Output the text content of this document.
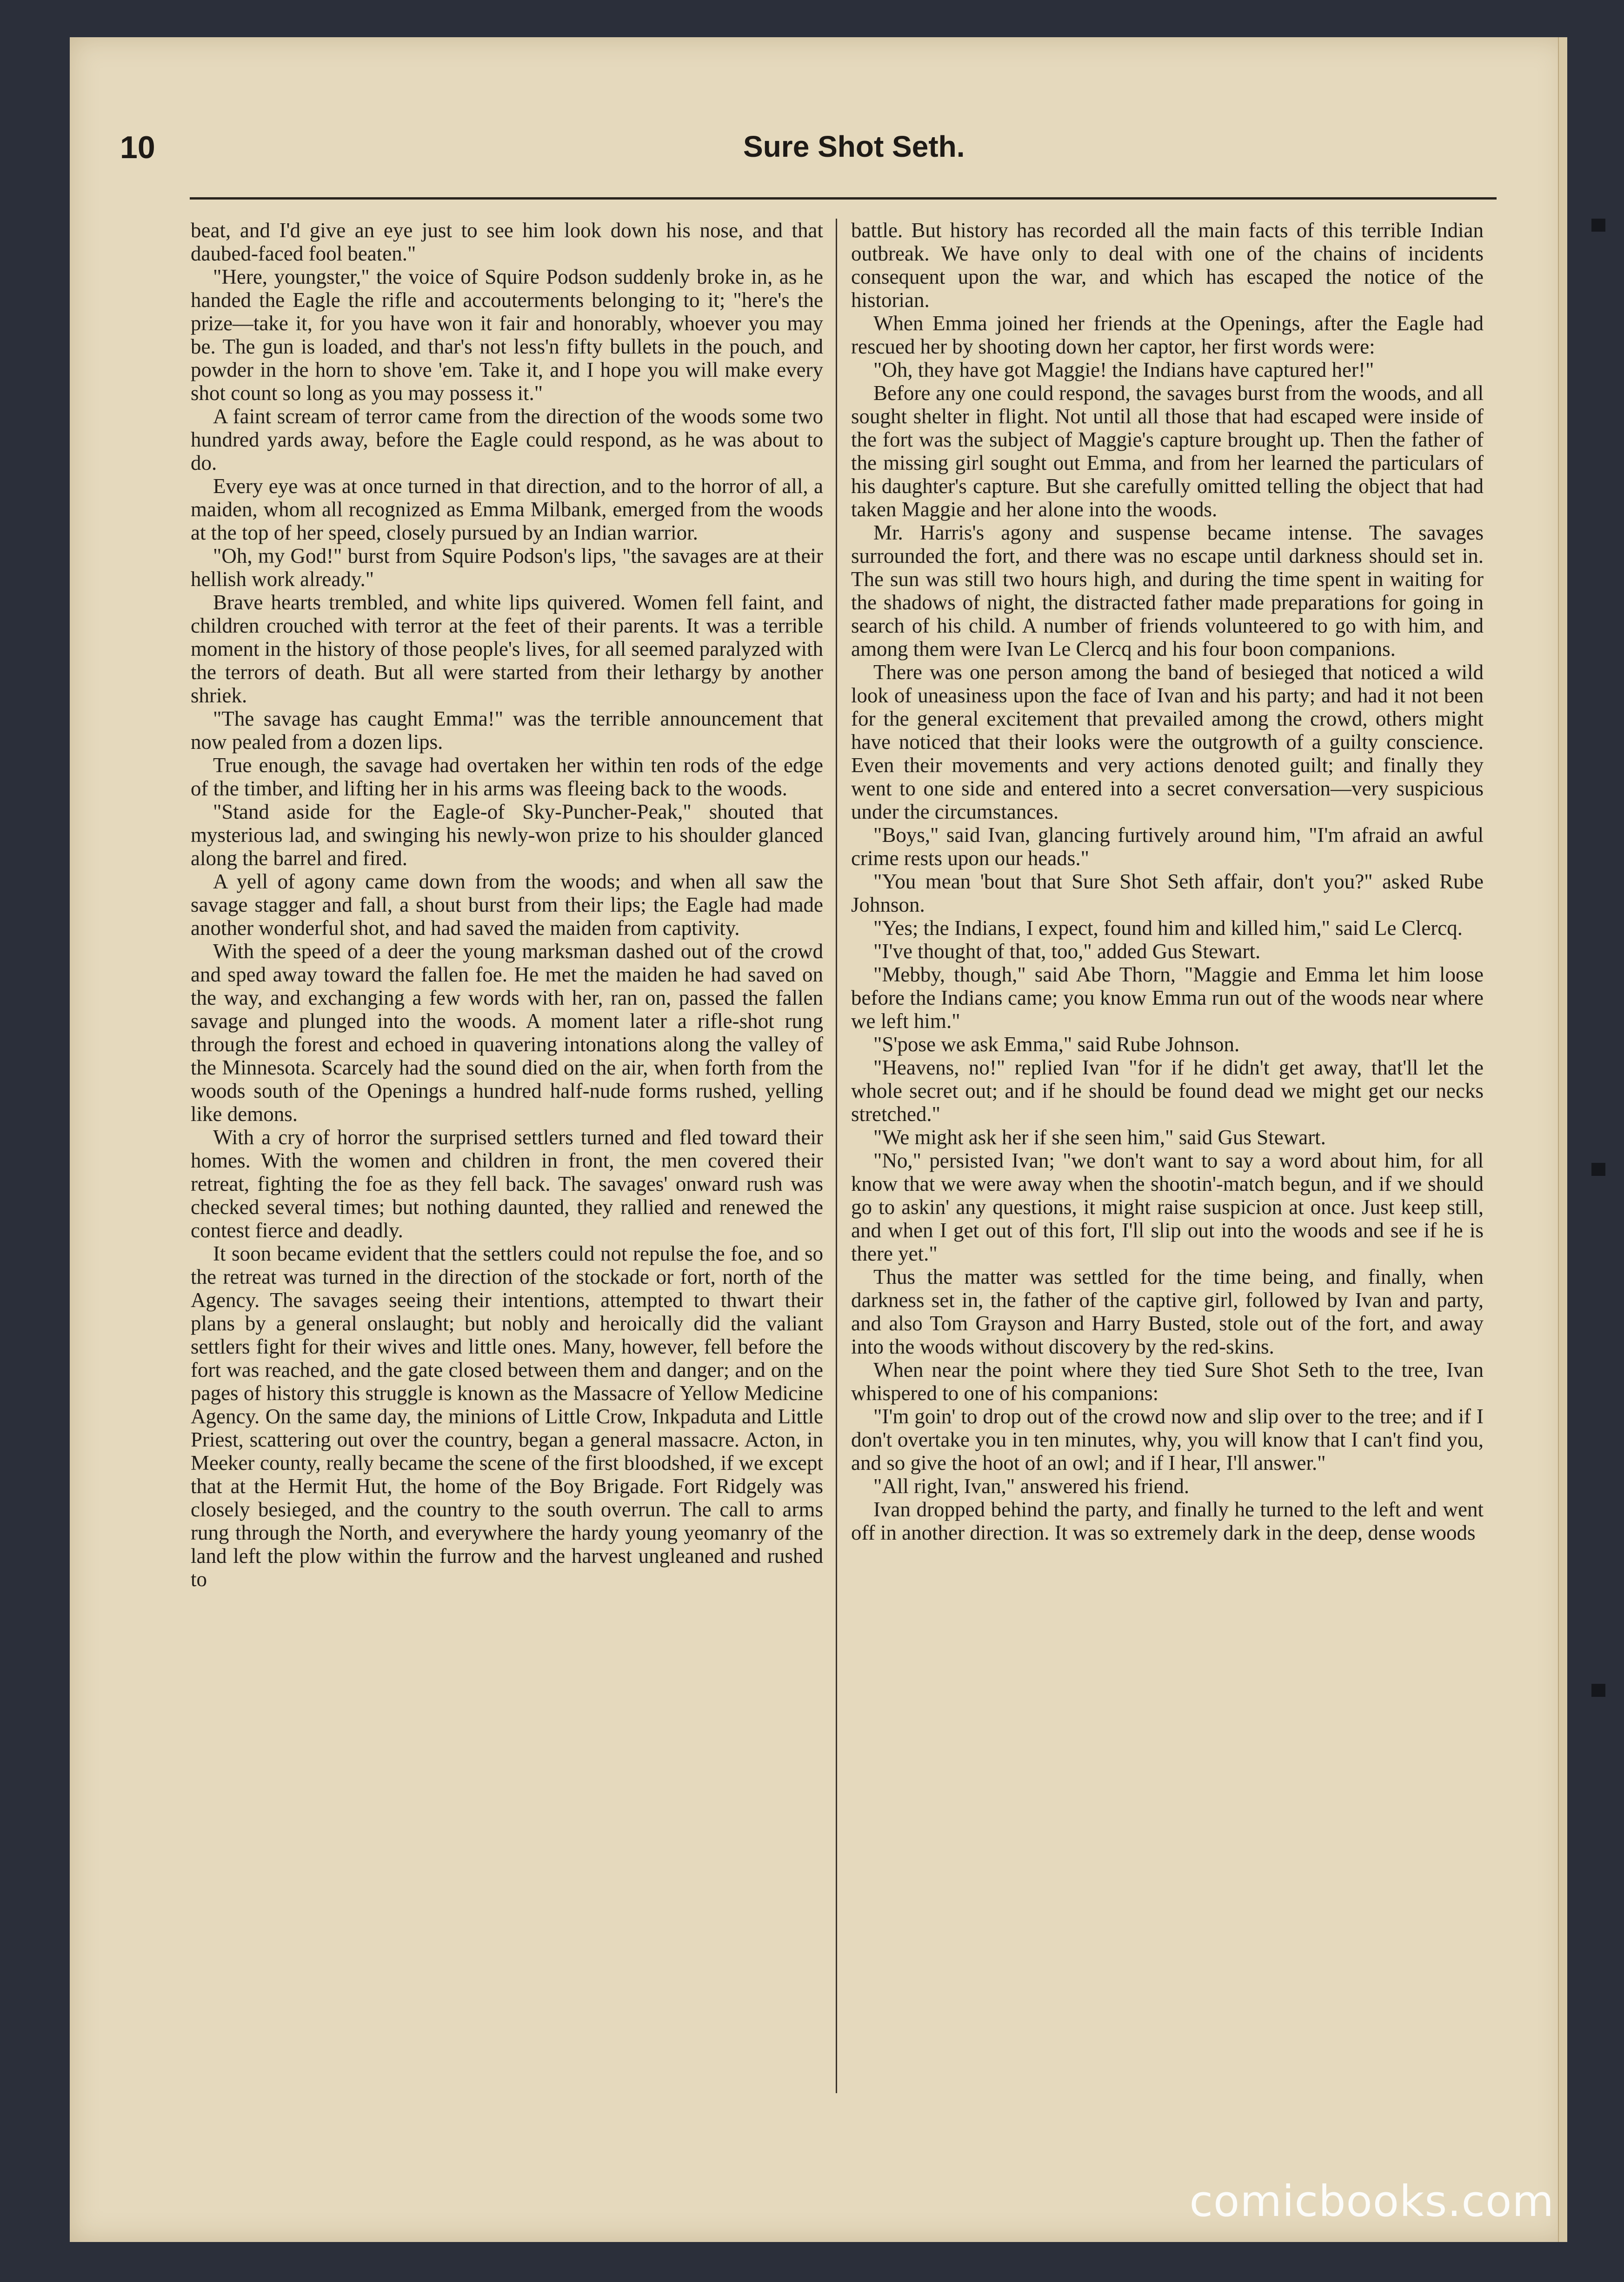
10	Sure Shot Seth.

beat, and I'd give an eye just to see him look down his nose, and that daubed-faced fool beaten."

"Here, youngster," the voice of Squire Podson suddenly broke in, as he handed the Eagle the rifle and accouterments belonging to it; "here's the prize—take it, for you have won it fair and honorably, whoever you may be. The gun is loaded, and thar's not less'n fifty bullets in the pouch, and powder in the horn to shove 'em. Take it, and I hope you will make every shot count so long as you may possess it."

A faint scream of terror came from the direction of the woods some two hundred yards away, before the Eagle could respond, as he was about to do.

Every eye was at once turned in that direction, and to the horror of all, a maiden, whom all recognized as Emma Milbank, emerged from the woods at the top of her speed, closely pursued by an Indian warrior.

"Oh, my God!" burst from Squire Podson's lips, "the savages are at their hellish work already."

Brave hearts trembled, and white lips quivered. Women fell faint, and children crouched with terror at the feet of their parents. It was a terrible moment in the history of those people's lives, for all seemed paralyzed with the terrors of death. But all were started from their lethargy by another shriek.

"The savage has caught Emma!" was the terrible announcement that now pealed from a dozen lips.

True enough, the savage had overtaken her within ten rods of the edge of the timber, and lifting her in his arms was fleeing back to the woods.

"Stand aside for the Eagle-of Sky-Puncher-Peak," shouted that mysterious lad, and swinging his newly-won prize to his shoulder glanced along the barrel and fired.

A yell of agony came down from the woods; and when all saw the savage stagger and fall, a shout burst from their lips; the Eagle had made another wonderful shot, and had saved the maiden from captivity.

With the speed of a deer the young marksman dashed out of the crowd and sped away toward the fallen foe. He met the maiden he had saved on the way, and exchanging a few words with her, ran on, passed the fallen savage and plunged into the woods. A moment later a rifle-shot rung through the forest and echoed in quavering intonations along the valley of the Minnesota. Scarcely had the sound died on the air, when forth from the woods south of the Openings a hundred half-nude forms rushed, yelling like demons.

With a cry of horror the surprised settlers turned and fled toward their homes. With the women and children in front, the men covered their retreat, fighting the foe as they fell back. The savages' onward rush was checked several times; but nothing daunted, they rallied and renewed the contest fierce and deadly.

It soon became evident that the settlers could not repulse the foe, and so the retreat was turned in the direction of the stockade or fort, north of the Agency. The savages seeing their intentions, attempted to thwart their plans by a general onslaught; but nobly and heroically did the valiant settlers fight for their wives and little ones. Many, however, fell before the fort was reached, and the gate closed between them and danger; and on the pages of history this struggle is known as the Massacre of Yellow Medicine Agency. On the same day, the minions of Little Crow, Inkpaduta and Little Priest, scattering out over the country, began a general massacre. Acton, in Meeker county, really became the scene of the first bloodshed, if we except that at the Hermit Hut, the home of the Boy Brigade. Fort Ridgely was closely besieged, and the country to the south overrun. The call to arms rung through the North, and everywhere the hardy young yeomanry of the land left the plow within the furrow and the harvest ungleaned and rushed to

battle. But history has recorded all the main facts of this terrible Indian outbreak. We have only to deal with one of the chains of incidents consequent upon the war, and which has escaped the notice of the historian.

When Emma joined her friends at the Openings, after the Eagle had rescued her by shooting down her captor, her first words were:

"Oh, they have got Maggie! the Indians have captured her!"

Before any one could respond, the savages burst from the woods, and all sought shelter in flight. Not until all those that had escaped were inside of the fort was the subject of Maggie's capture brought up. Then the father of the missing girl sought out Emma, and from her learned the particulars of his daughter's capture. But she carefully omitted telling the object that had taken Maggie and her alone into the woods.

Mr. Harris's agony and suspense became intense. The savages surrounded the fort, and there was no escape until darkness should set in. The sun was still two hours high, and during the time spent in waiting for the shadows of night, the distracted father made preparations for going in search of his child. A number of friends volunteered to go with him, and among them were Ivan Le Clercq and his four boon companions.

There was one person among the band of besieged that noticed a wild look of uneasiness upon the face of Ivan and his party; and had it not been for the general excitement that prevailed among the crowd, others might have noticed that their looks were the outgrowth of a guilty conscience. Even their movements and very actions denoted guilt; and finally they went to one side and entered into a secret conversation—very suspicious under the circumstances.

"Boys," said Ivan, glancing furtively around him, "I'm afraid an awful crime rests upon our heads."

"You mean 'bout that Sure Shot Seth affair, don't you?" asked Rube Johnson.

"Yes; the Indians, I expect, found him and killed him," said Le Clercq.

"I've thought of that, too," added Gus Stewart.

"Mebby, though," said Abe Thorn, "Maggie and Emma let him loose before the Indians came; you know Emma run out of the woods near where we left him."

"S'pose we ask Emma," said Rube Johnson.

"Heavens, no!" replied Ivan "for if he didn't get away, that'll let the whole secret out; and if he should be found dead we might get our necks stretched."

"We might ask her if she seen him," said Gus Stewart.

"No," persisted Ivan; "we don't want to say a word about him, for all know that we were away when the shootin'-match begun, and if we should go to askin' any questions, it might raise suspicion at once. Just keep still, and when I get out of this fort, I'll slip out into the woods and see if he is there yet."

Thus the matter was settled for the time being, and finally, when darkness set in, the father of the captive girl, followed by Ivan and party, and also Tom Grayson and Harry Busted, stole out of the fort, and away into the woods without discovery by the red-skins.

When near the point where they tied Sure Shot Seth to the tree, Ivan whispered to one of his companions:

"I'm goin' to drop out of the crowd now and slip over to the tree; and if I don't overtake you in ten minutes, why, you will know that I can't find you, and so give the hoot of an owl; and if I hear, I'll answer."

"All right, Ivan," answered his friend.

Ivan dropped behind the party, and finally he turned to the left and went off in another direction. It was so extremely dark in the deep, dense woods

comicbooks.com
